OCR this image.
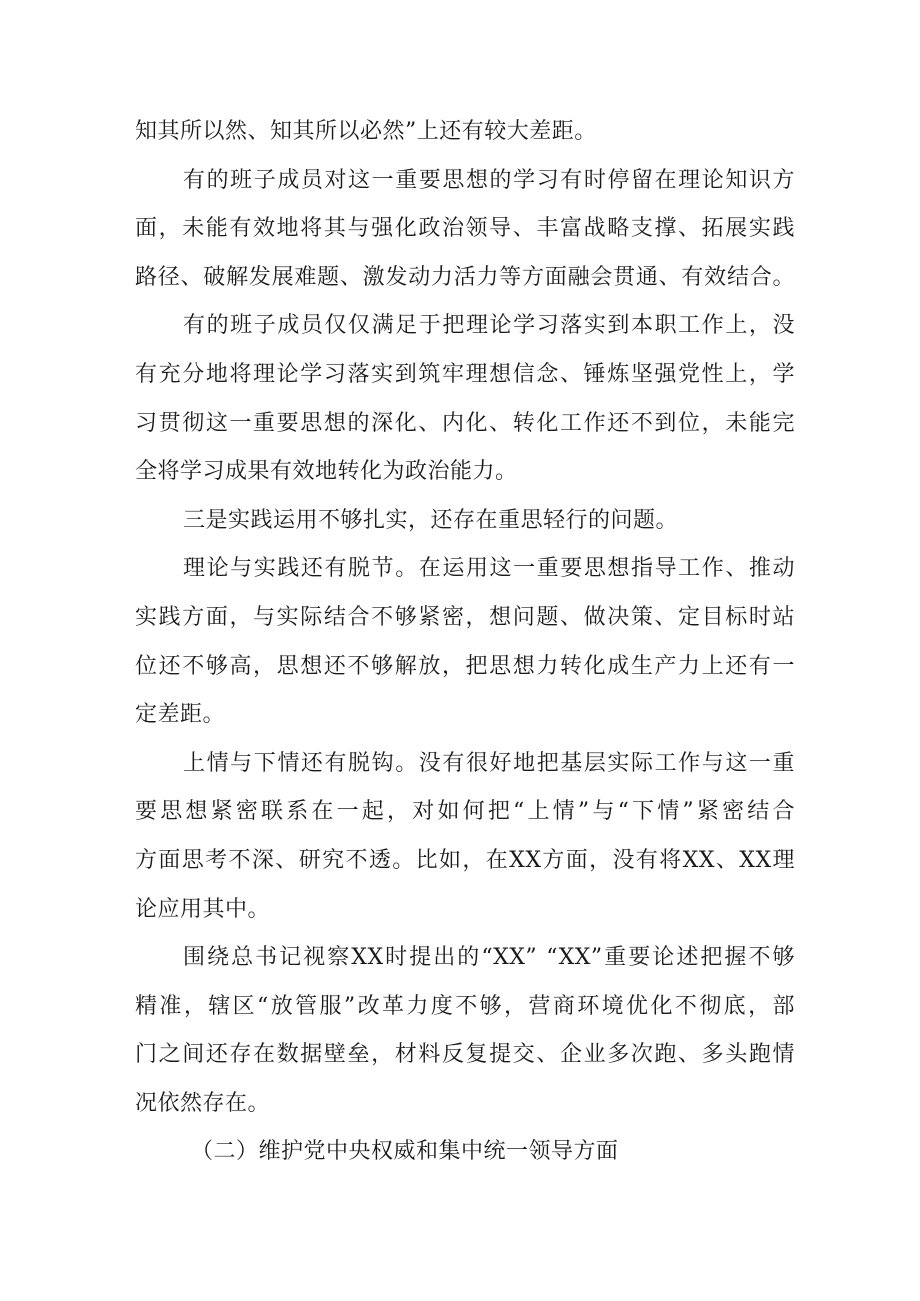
知其所以然、知其所以必然”上还有较大差距。
有的班子成员对这一重要思想的学习有时停留在理论知识方
面，未能有效地将其与强化政治领导、丰富战略支撑、拓展实践
路径、破解发展难题、激发动力活力等方面融会贯通、有效结合。
有的班子成员仅仅满足于把理论学习落实到本职工作上，没
有充分地将理论学习落实到筑牢理想信念、锤炼坚强党性上，学
习贯彻这一重要思想的深化、内化、转化工作还不到位，未能完
全将学习成果有效地转化为政治能力。
三是实践运用不够扎实，还存在重思轻行的问题。
理论与实践还有脱节。在运用这一重要思想指导工作、推动
实践方面，与实际结合不够紧密，想问题、做决策、定目标时站
位还不够高，思想还不够解放，把思想力转化成生产力上还有一
定差距。
上情与下情还有脱钩。没有很好地把基层实际工作与这一重
要思想紧密联系在一起，对如何把“上情”与“下情”紧密结合
方面思考不深、研究不透。比如，在XX方面，没有将XX、XX理
论应用其中。
围绕总书记视察XX时提出的“XX” “XX”重要论述把握不够
精准，辖区“放管服”改革力度不够，营商环境优化不彻底，部
门之间还存在数据壁垒，材料反复提交、企业多次跑、多头跑情
况依然存在。
（二）维护党中央权威和集中统一领导方面
